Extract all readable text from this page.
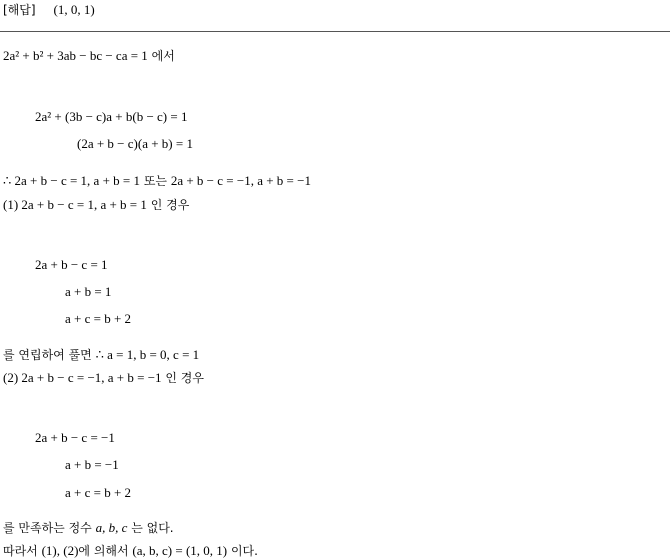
[해답] (1, 0, 1)
2a² + b² + 3ab − bc − ca = 1 에서
2a² + (3b − c)a + b(b − c) = 1
(2a + b − c)(a + b) = 1
∴ 2a + b − c = 1, a + b = 1 또는 2a + b − c = −1, a + b = −1
(1) 2a + b − c = 1, a + b = 1 인 경우
2a + b − c = 1
a + b = 1
a + c = b + 2
를 연립하여 풀면 ∴ a = 1, b = 0, c = 1
(2) 2a + b − c = −1, a + b = −1 인 경우
2a + b − c = −1
a + b = −1
a + c = b + 2
를 만족하는 정수 a, b, c 는 없다.
따라서 (1), (2)에 의해서 (a, b, c) = (1, 0, 1) 이다.
